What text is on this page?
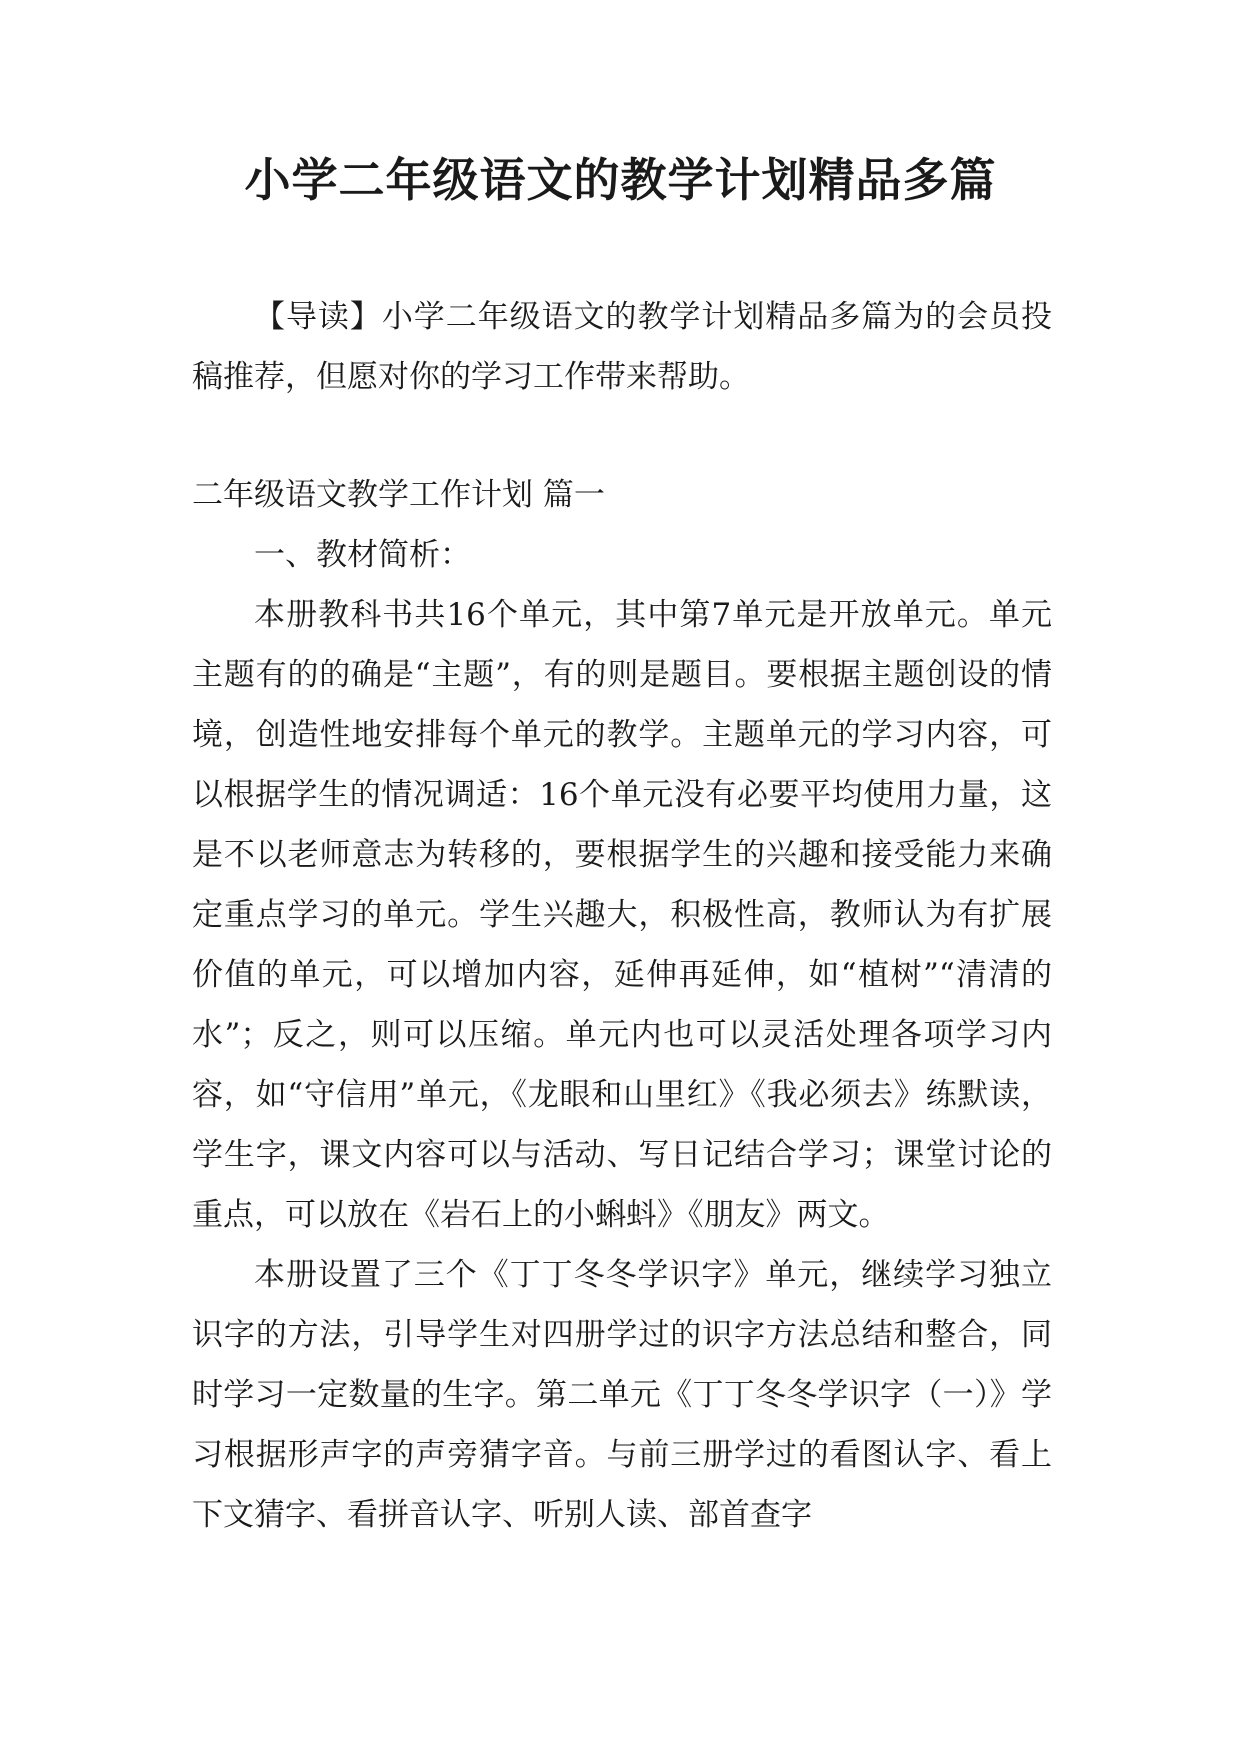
小学二年级语文的教学计划精品多篇

【导读】小学二年级语文的教学计划精品多篇为的会员投稿推荐，但愿对你的学习工作带来帮助。

二年级语文教学工作计划 篇一

一、教材简析：

本册教科书共16个单元，其中第7单元是开放单元。单元主题有的的确是“主题”，有的则是题目。要根据主题创设的情境，创造性地安排每个单元的教学。主题单元的学习内容，可以根据学生的情况调适：16个单元没有必要平均使用力量，这是不以老师意志为转移的，要根据学生的兴趣和接受能力来确定重点学习的单元。学生兴趣大，积极性高，教师认为有扩展价值的单元，可以增加内容，延伸再延伸，如“植树”“清清的水”；反之，则可以压缩。单元内也可以灵活处理各项学习内容，如“守信用”单元，《龙眼和山里红》《我必须去》练默读，学生字，课文内容可以与活动、写日记结合学习；课堂讨论的重点，可以放在《岩石上的小蝌蚪》《朋友》两文。

本册设置了三个《丁丁冬冬学识字》单元，继续学习独立识字的方法，引导学生对四册学过的识字方法总结和整合，同时学习一定数量的生字。第二单元《丁丁冬冬学识字（一）》学习根据形声字的声旁猜字音。与前三册学过的看图认字、看上下文猜字、看拼音认字、听别人读、部首查字
